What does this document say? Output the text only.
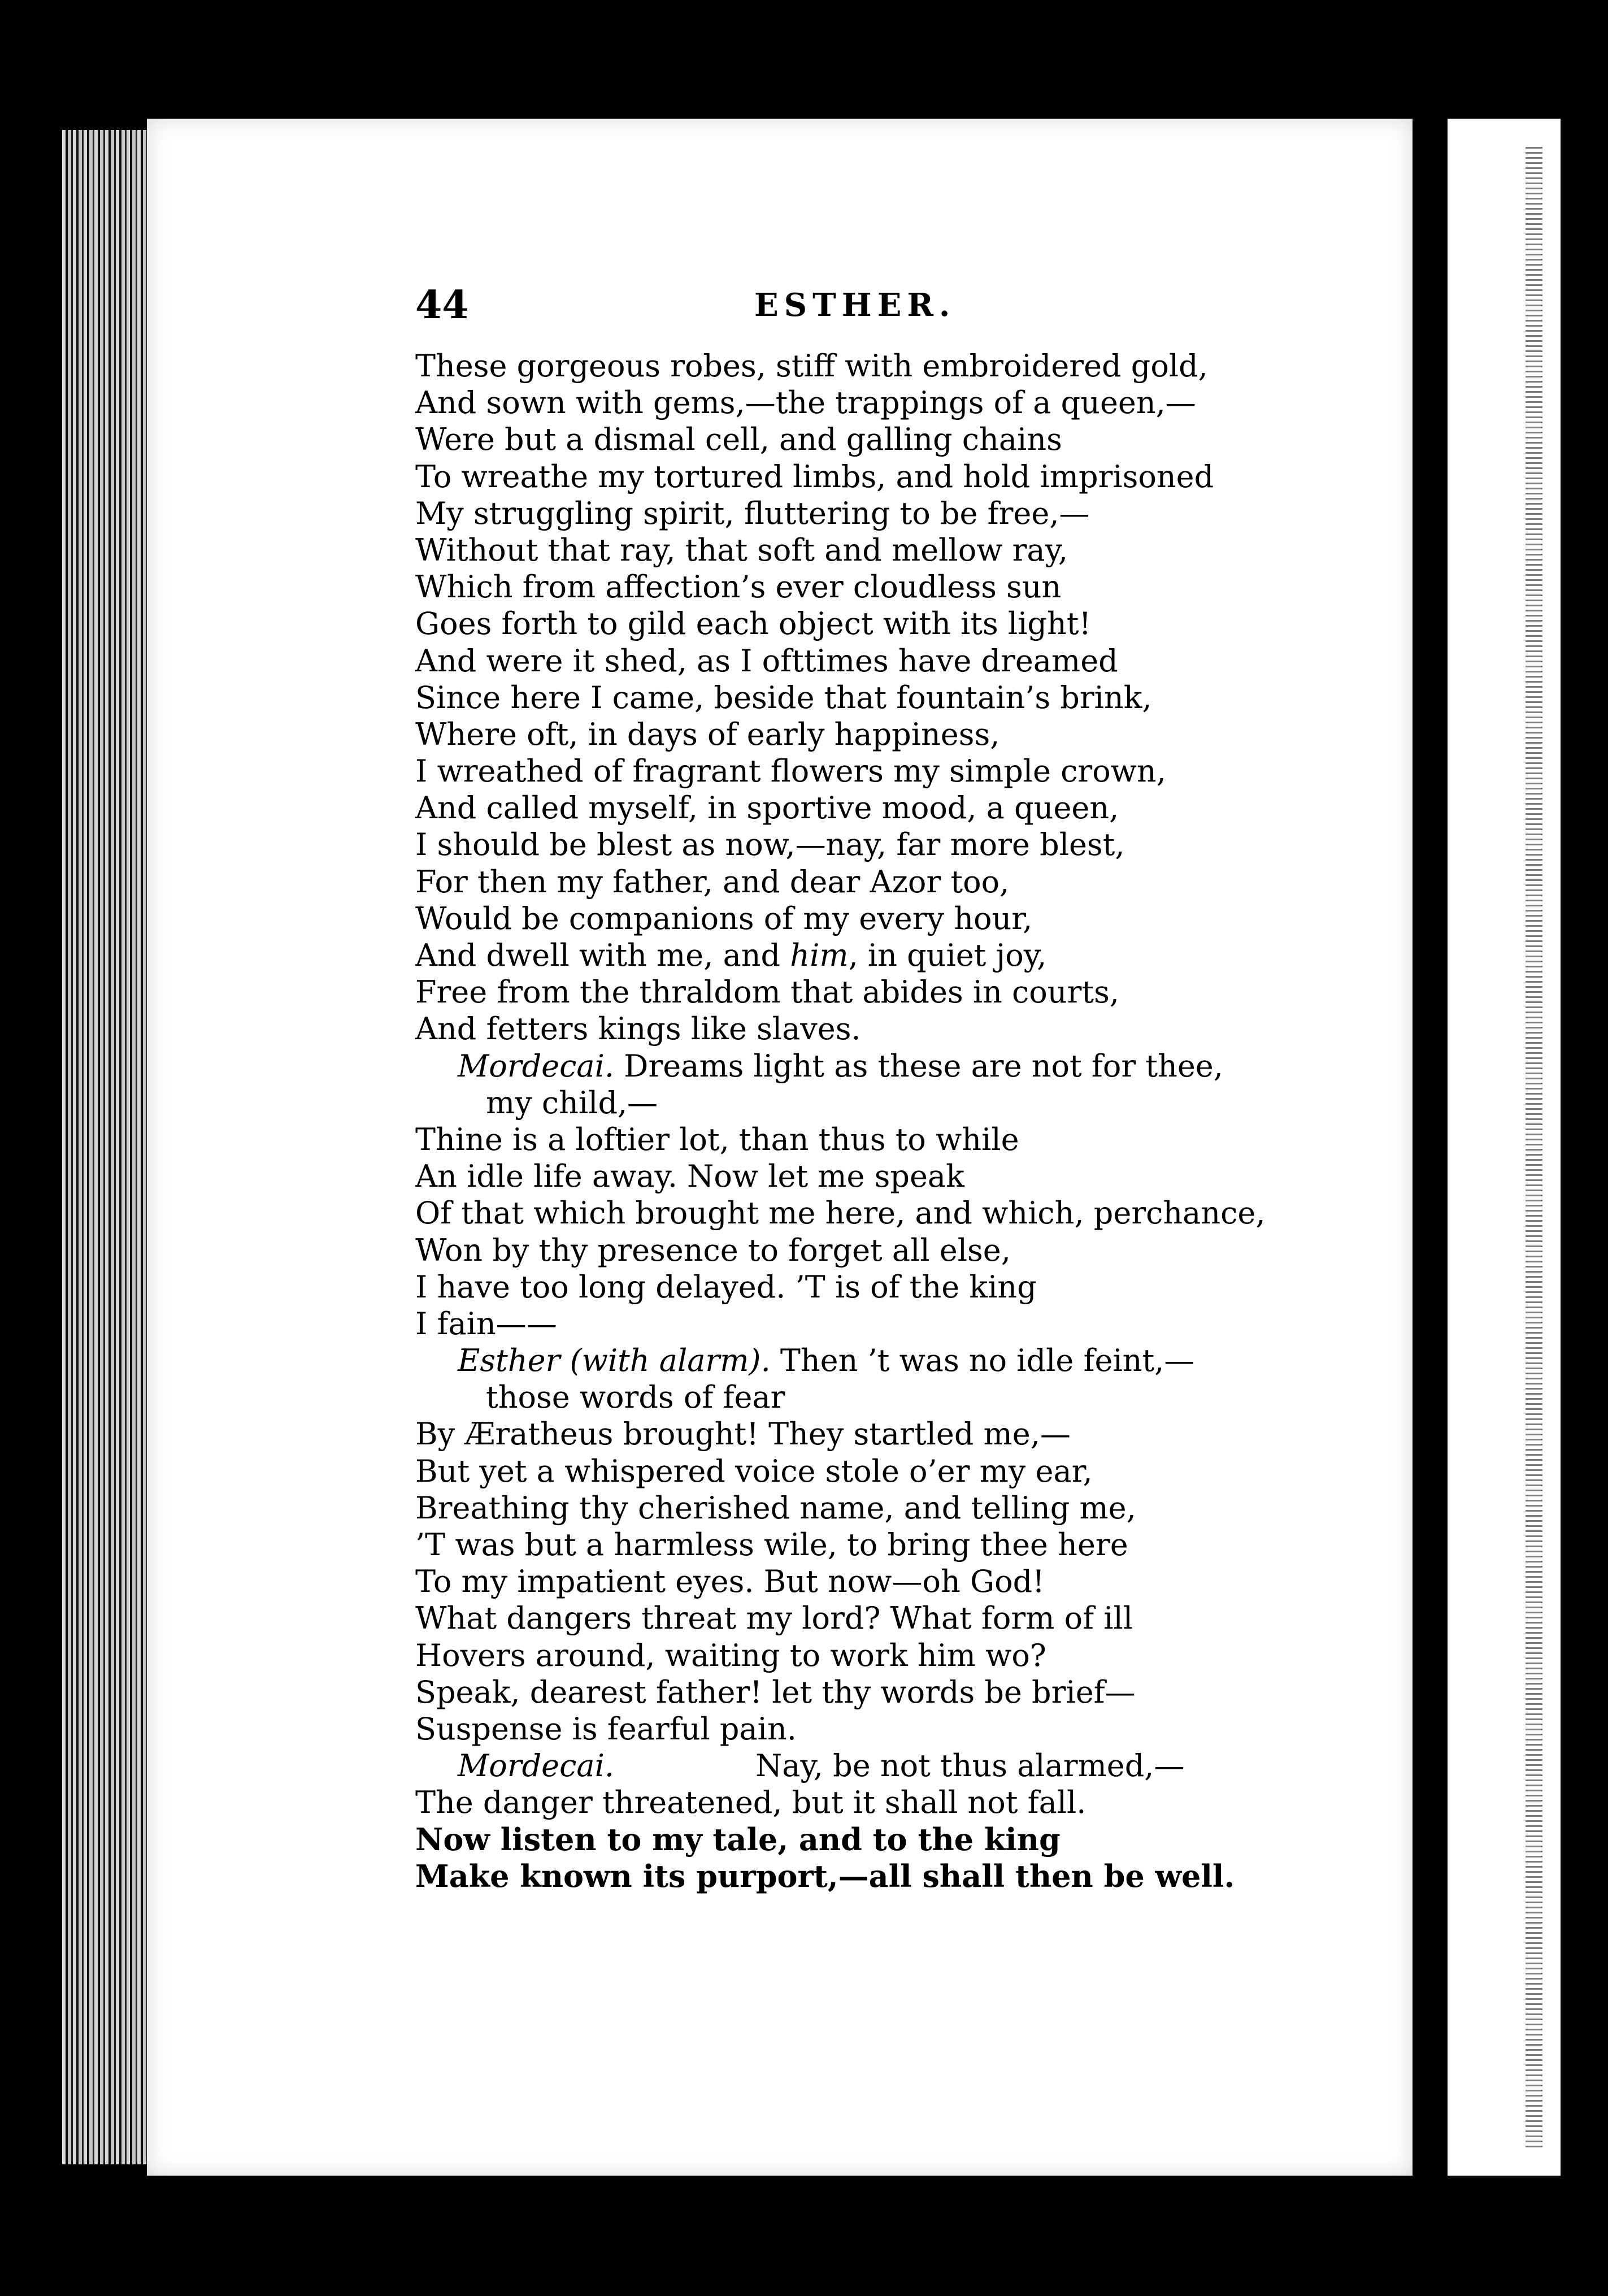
44	ESTHER.
These gorgeous robes, stiff with embroidered gold,
And sown with gems,—the trappings of a queen,—
Were but a dismal cell, and galling chains
To wreathe my tortured limbs, and hold imprisoned
My struggling spirit, fluttering to be free,—
Without that ray, that soft and mellow ray,
Which from affection’s ever cloudless sun
Goes forth to gild each object with its light!
And were it shed, as I ofttimes have dreamed
Since here I came, beside that fountain’s brink,
Where oft, in days of early happiness,
I wreathed of fragrant flowers my simple crown,
And called myself, in sportive mood, a queen,
I should be blest as now,—nay, far more blest,
For then my father, and dear Azor too,
Would be companions of my every hour,
And dwell with me, and him, in quiet joy,
Free from the thraldom that abides in courts,
And fetters kings like slaves.
Mordecai. Dreams light as these are not for thee,
my child,—
Thine is a loftier lot, than thus to while
An idle life away. Now let me speak
Of that which brought me here, and which, perchance,
Won by thy presence to forget all else,
I have too long delayed. ’T is of the king
I fain——
Esther (with alarm). Then ’t was no idle feint,—
those words of fear
By Æratheus brought! They startled me,—
But yet a whispered voice stole o’er my ear,
Breathing thy cherished name, and telling me,
’T was but a harmless wile, to bring thee here
To my impatient eyes. But now—oh God!
What dangers threat my lord? What form of ill
Hovers around, waiting to work him wo?
Speak, dearest father! let thy words be brief—
Suspense is fearful pain.
Mordecai.	Nay, be not thus alarmed,—
The danger threatened, but it shall not fall.
Now listen to my tale, and to the king
Make known its purport,—all shall then be well.
